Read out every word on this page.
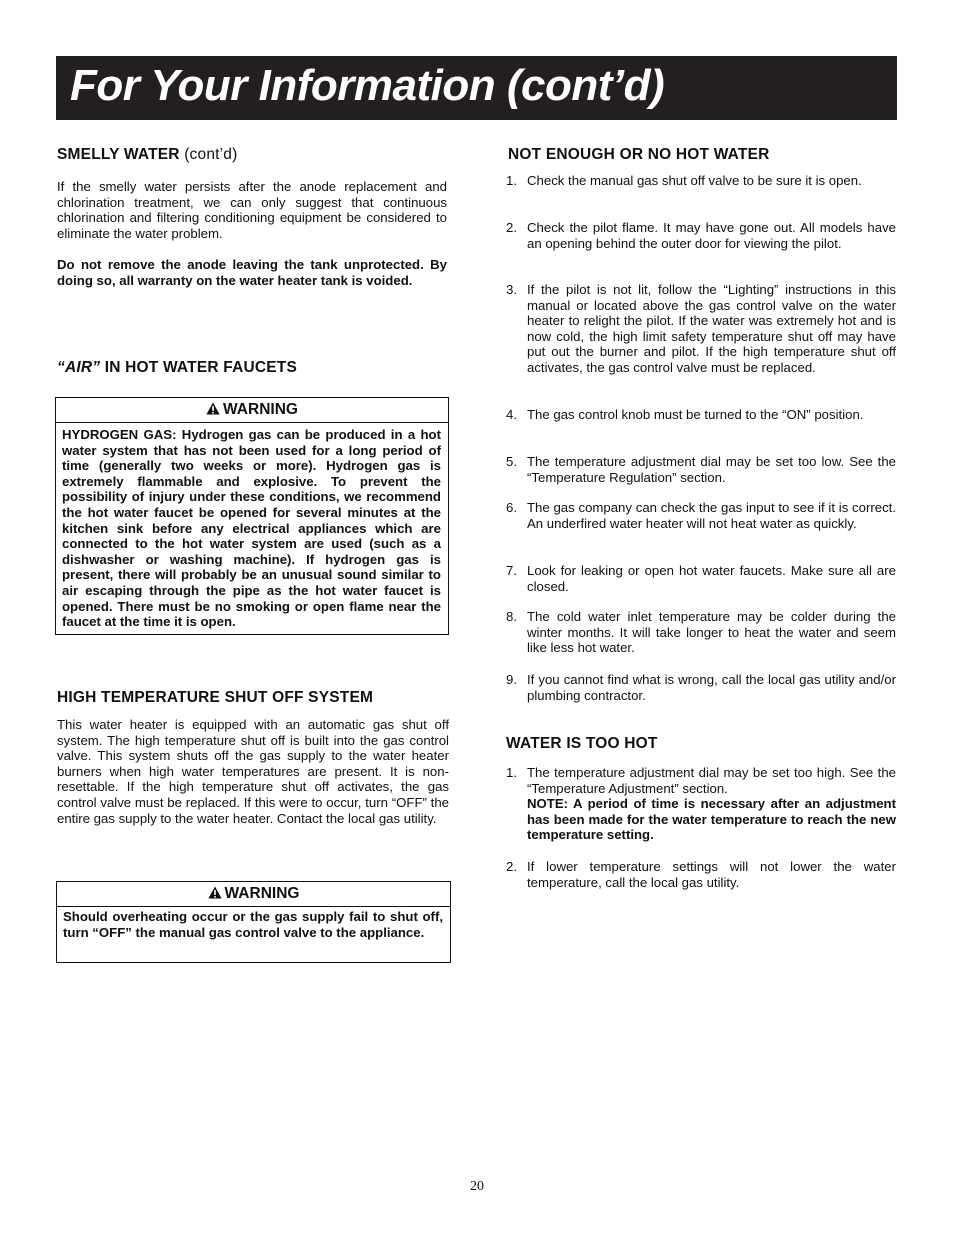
For Your Information (cont’d)
SMELLY WATER (cont’d)

If the smelly water persists after the anode replacement and chlorination treatment, we can only suggest that continuous chlorination and filtering conditioning equipment be considered to eliminate the water problem.

Do not remove the anode leaving the tank unprotected. By doing so, all warranty on the water heater tank is voided.

“AIR” IN HOT WATER FAUCETS
WARNING

HYDROGEN GAS: Hydrogen gas can be produced in a hot water system that has not been used for a long period of time (generally two weeks or more). Hydrogen gas is extremely flammable and explosive. To prevent the possibility of injury under these conditions, we recommend the hot water faucet be opened for several minutes at the kitchen sink before any electrical appliances which are connected to the hot water system are used (such as a dishwasher or washing machine). If hydrogen gas is present, there will probably be an unusual sound similar to air escaping through the pipe as the hot water faucet is opened. There must be no smoking or open flame near the faucet at the time it is open.

HIGH TEMPERATURE SHUT OFF SYSTEM

This water heater is equipped with an automatic gas shut off system. The high temperature shut off is built into the gas control valve. This system shuts off the gas supply to the water heater burners when high water temperatures are present. It is non-resettable. If the high temperature shut off activates, the gas control valve must be replaced. If this were to occur, turn “OFF” the entire gas supply to the water heater. Contact the local gas utility.

WARNING

Should overheating occur or the gas supply fail to shut off, turn “OFF” the manual gas control valve to the appliance.

NOT ENOUGH OR NO HOT WATER
1. Check the manual gas shut off valve to be sure it is open.

2. Check the pilot flame. It may have gone out. All models have an opening behind the outer door for viewing the pilot.

3. If the pilot is not lit, follow the “Lighting” instructions in this manual or located above the gas control valve on the water heater to relight the pilot. If the water was extremely hot and is now cold, the high limit safety temperature shut off may have put out the burner and pilot. If the high temperature shut off activates, the gas control valve must be replaced.

4. The gas control knob must be turned to the “ON” position.

5. The temperature adjustment dial may be set too low. See the “Temperature Regulation” section.

6. The gas company can check the gas input to see if it is correct. An underfired water heater will not heat water as quickly.

7. Look for leaking or open hot water faucets. Make sure all are closed.

8. The cold water inlet temperature may be colder during the winter months. It will take longer to heat the water and seem like less hot water.

9. If you cannot find what is wrong, call the local gas utility and/or plumbing contractor.

WATER IS TOO HOT
1. The temperature adjustment dial may be set too high. See the “Temperature Adjustment” section.

NOTE: A period of time is necessary after an adjustment has been made for the water temperature to reach the new temperature setting.

2. If lower temperature settings will not lower the water temperature, call the local gas utility.

20
